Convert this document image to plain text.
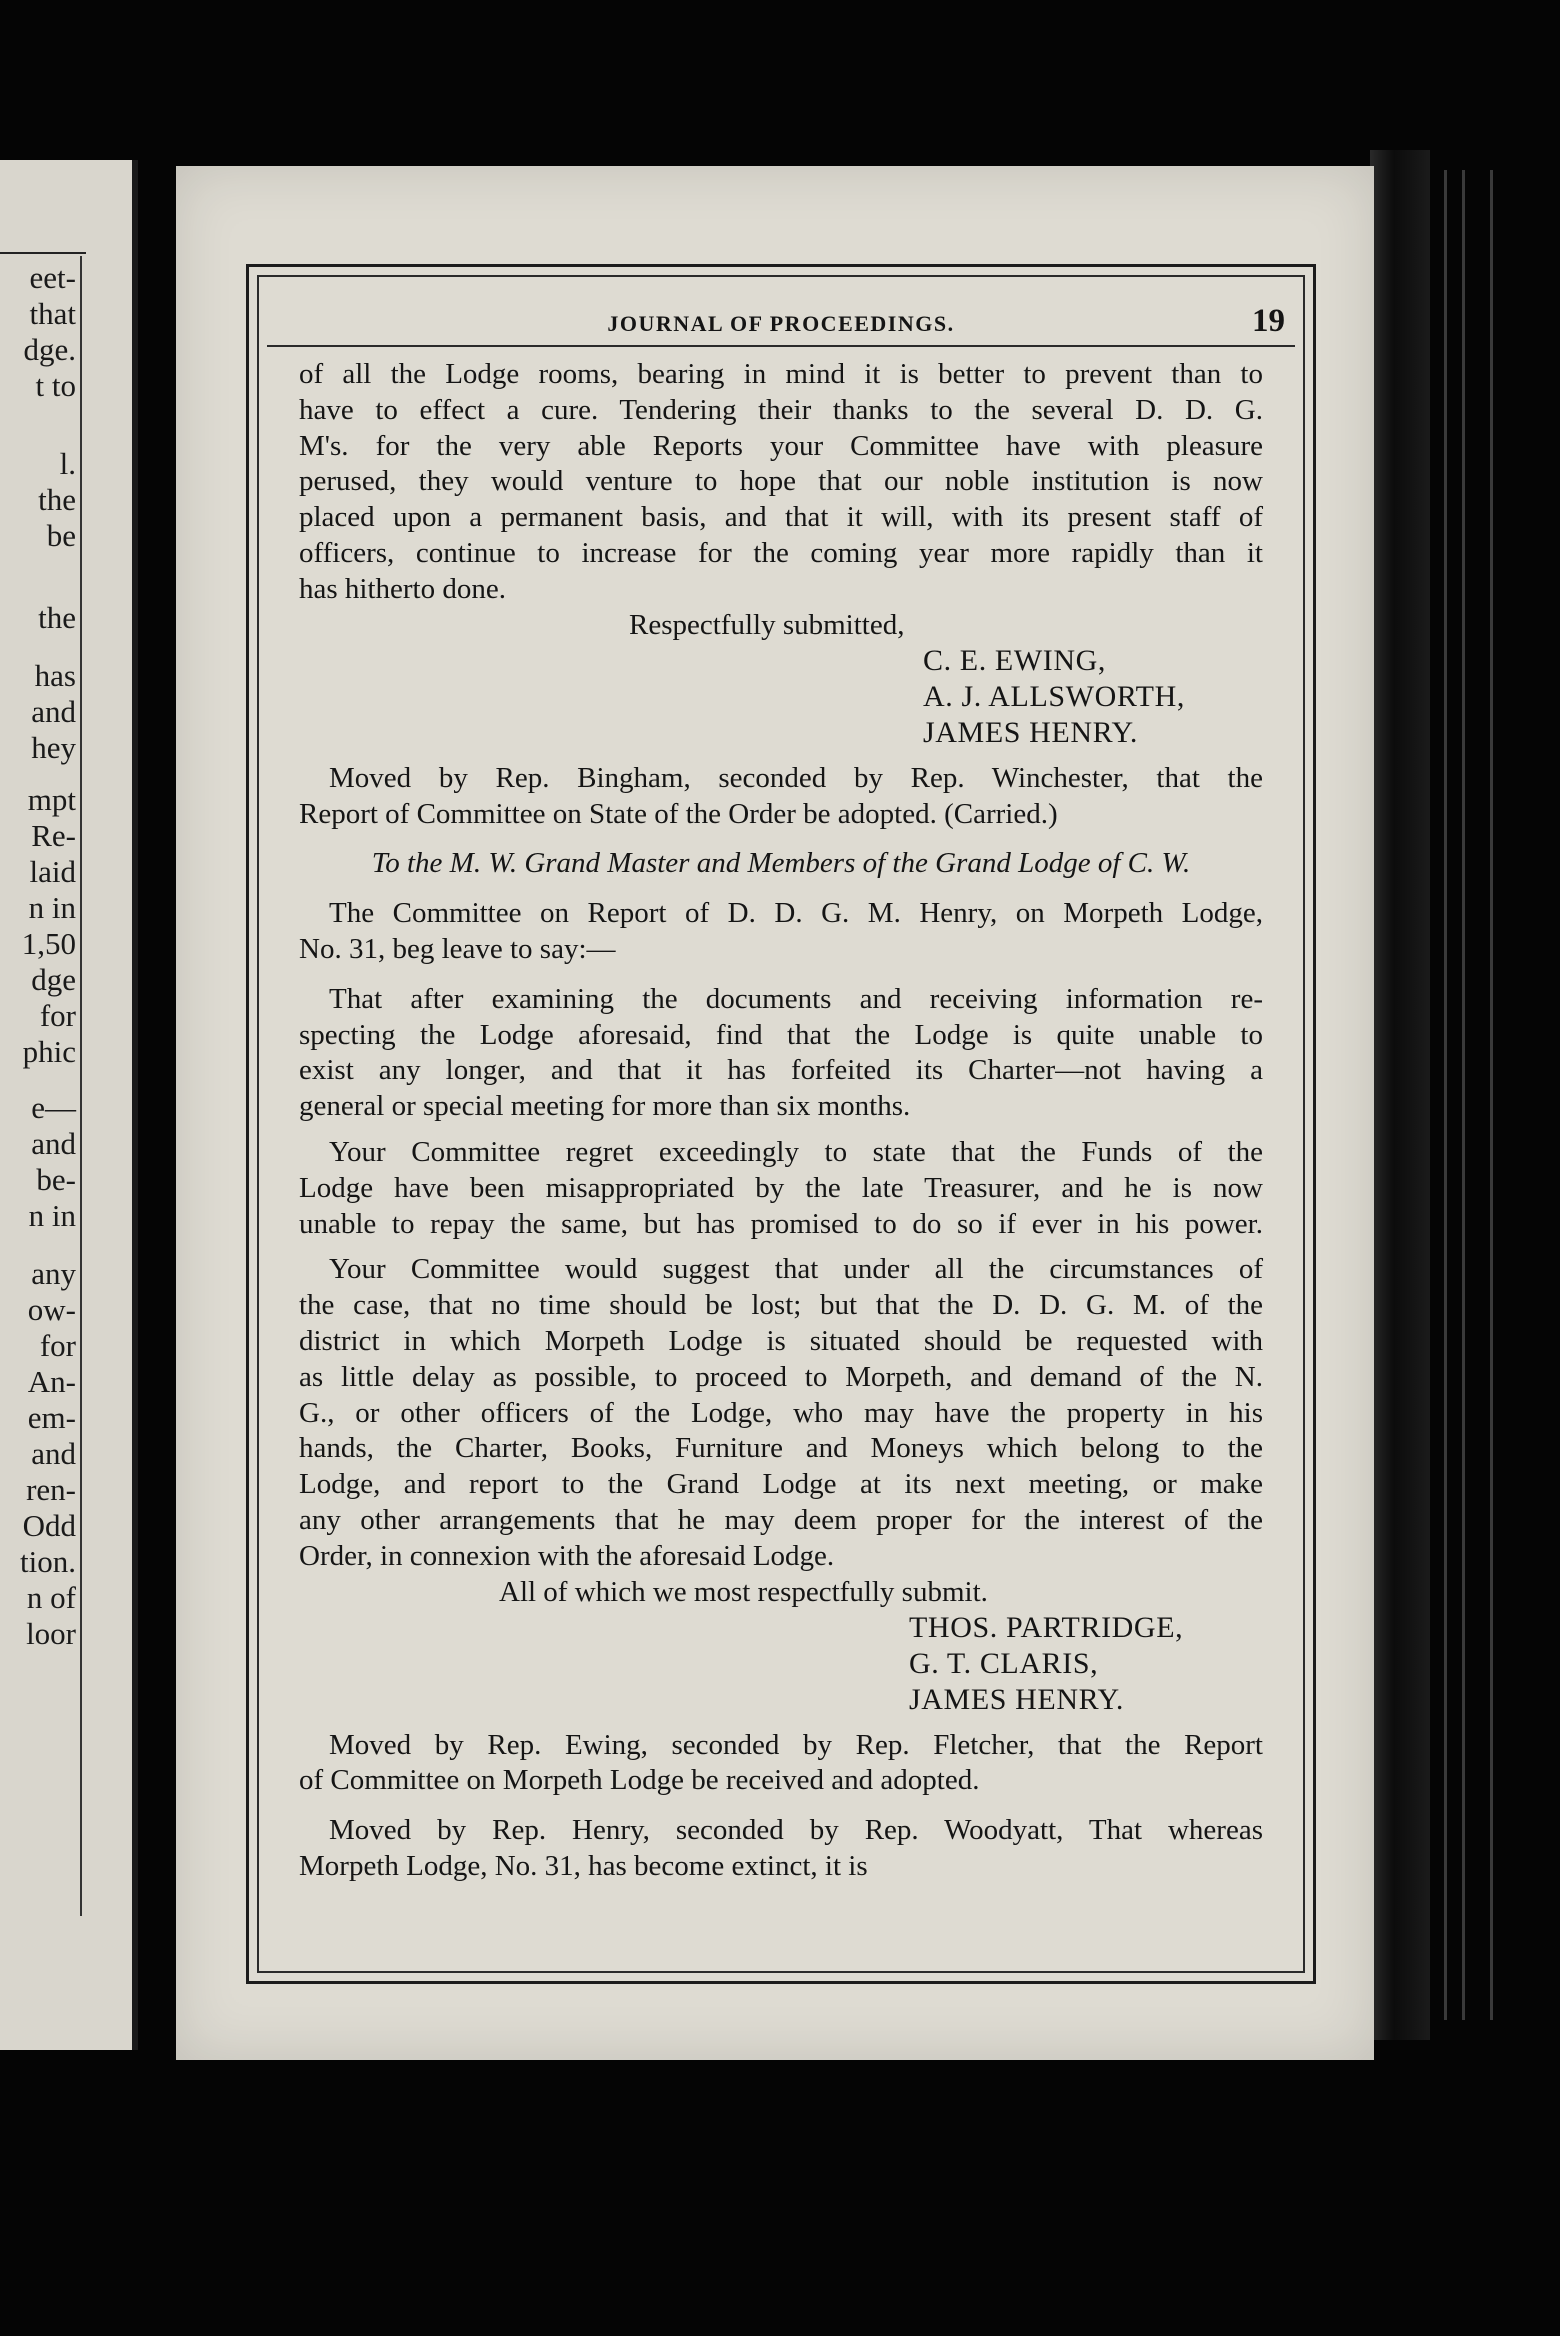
eet-
that
dge.
t to
l.
the
be
the
has
and
hey
mpt
Re-
laid
n in
1,50
dge
for
phic
e—
and
be-
n in
any
ow-
for
An-
em-
and
ren-
Odd
tion.
n of
loor
JOURNAL OF PROCEEDINGS.	19
of all the Lodge rooms, bearing in mind it is better to prevent than to
have to effect a cure. Tendering their thanks to the several D. D. G.
M's. for the very able Reports your Committee have with pleasure
perused, they would venture to hope that our noble institution is now
placed upon a permanent basis, and that it will, with its present staff of
officers, continue to increase for the coming year more rapidly than it
has hitherto done.
Respectfully submitted,
C. E. EWING,
A. J. ALLSWORTH,
JAMES HENRY.
Moved by Rep. Bingham, seconded by Rep. Winchester, that the
Report of Committee on State of the Order be adopted. (Carried.)
To the M. W. Grand Master and Members of the Grand Lodge of C. W.
The Committee on Report of D. D. G. M. Henry, on Morpeth Lodge,
No. 31, beg leave to say:—
That after examining the documents and receiving information re-
specting the Lodge aforesaid, find that the Lodge is quite unable to
exist any longer, and that it has forfeited its Charter—not having a
general or special meeting for more than six months.
Your Committee regret exceedingly to state that the Funds of the
Lodge have been misappropriated by the late Treasurer, and he is now
unable to repay the same, but has promised to do so if ever in his power.
Your Committee would suggest that under all the circumstances of
the case, that no time should be lost; but that the D. D. G. M. of the
district in which Morpeth Lodge is situated should be requested with
as little delay as possible, to proceed to Morpeth, and demand of the N.
G., or other officers of the Lodge, who may have the property in his
hands, the Charter, Books, Furniture and Moneys which belong to the
Lodge, and report to the Grand Lodge at its next meeting, or make
any other arrangements that he may deem proper for the interest of the
Order, in connexion with the aforesaid Lodge.
All of which we most respectfully submit.
THOS. PARTRIDGE,
G. T. CLARIS,
JAMES HENRY.
Moved by Rep. Ewing, seconded by Rep. Fletcher, that the Report
of Committee on Morpeth Lodge be received and adopted.
Moved by Rep. Henry, seconded by Rep. Woodyatt, That whereas
Morpeth Lodge, No. 31, has become extinct, it is
